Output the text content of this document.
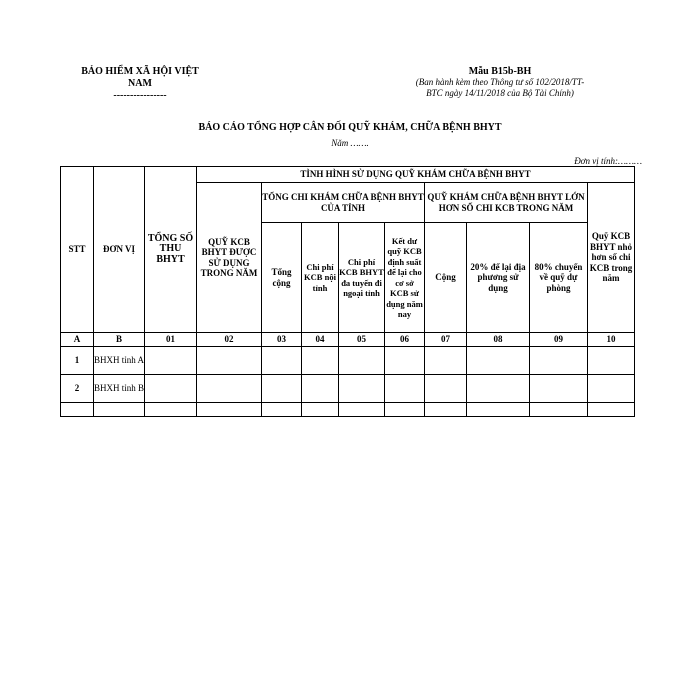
BẢO HIỂM XÃ HỘI VIỆT
NAM
----------------
Mẫu B15b-BH
(Ban hành kèm theo Thông tư số 102/2018/TT-
BTC ngày 14/11/2018 của Bộ Tài Chính)
BÁO CÁO TỔNG HỢP CÂN ĐỐI QUỸ KHÁM, CHỮA BỆNH BHYT
Năm …….
Đơn vị tính:………
STT	ĐƠN VỊ	TỔNG SỐ THU BHYT	TÌNH HÌNH SỬ DỤNG QUỸ KHÁM CHỮA BỆNH BHYT								
			QUỸ KCB BHYT ĐƯỢC SỬ DỤNG TRONG NĂM	TỔNG CHI KHÁM CHỮA BỆNH BHYT CỦA TỈNH				QUỸ KHÁM CHỮA BỆNH BHYT LỚN HƠN SỐ CHI KCB TRONG NĂM			Quỹ KCB BHYT nhỏ hơn số chi KCB trong năm
				Tổng cộng	Chi phí KCB nội tỉnh	Chi phí KCB BHYT đa tuyến đi ngoại tỉnh	Kết dư quỹ KCB định suất để lại cho cơ sở KCB sử dụng năm nay	Cộng	20% để lại địa phương sử dụng	80% chuyển về quỹ dự phòng	
A	B	01	02	03	04	05	06	07	08	09	10
1	BHXH tỉnh A										
2	BHXH tỉnh B										
